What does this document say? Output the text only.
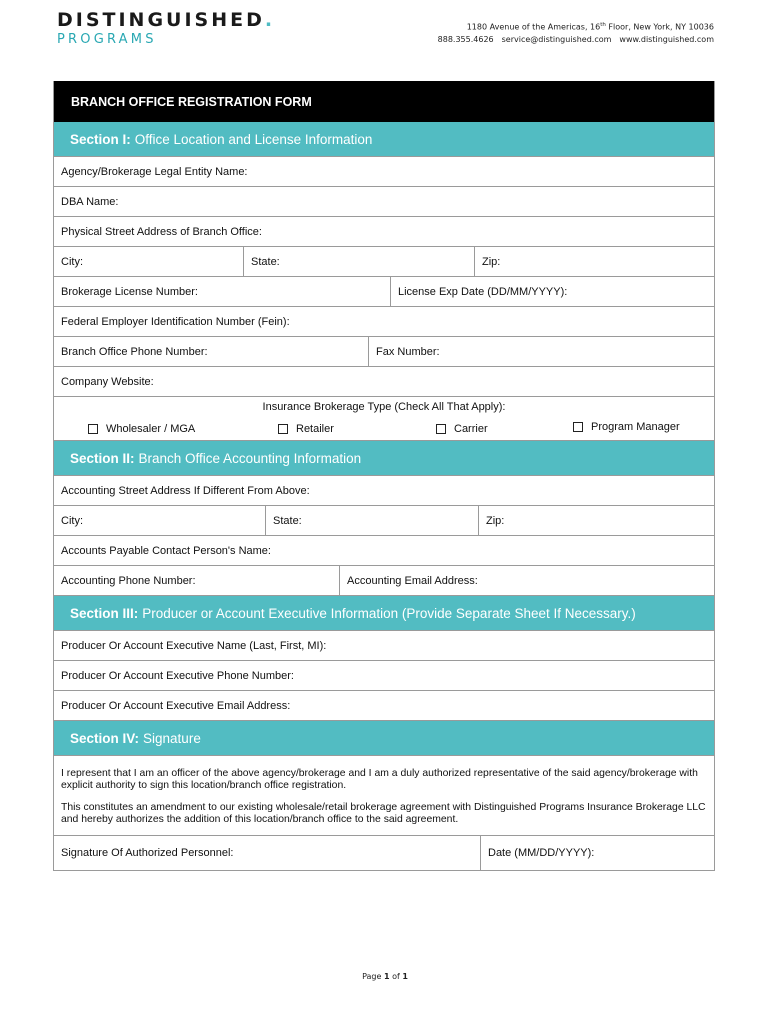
DISTINGUISHED.
PROGRAMS
1180 Avenue of the Americas, 16th Floor, New York, NY 10036
888.355.4626 service@distinguished.com www.distinguished.com
BRANCH OFFICE REGISTRATION FORM
Section I: Office Location and License Information
Agency/Brokerage Legal Entity Name:
DBA Name:
Physical Street Address of Branch Office:
City:	State:	Zip:
Brokerage License Number:	License Exp Date (DD/MM/YYYY):
Federal Employer Identification Number (Fein):
Branch Office Phone Number:	Fax Number:
Company Website:
Insurance Brokerage Type (Check All That Apply):
Wholesaler / MGA	Retailer	Carrier	Program Manager
Section II: Branch Office Accounting Information
Accounting Street Address If Different From Above:
City:	State:	Zip:
Accounts Payable Contact Person's Name:
Accounting Phone Number:	Accounting Email Address:
Section III: Producer or Account Executive Information (Provide Separate Sheet If Necessary.)
Producer Or Account Executive Name (Last, First, MI):
Producer Or Account Executive Phone Number:
Producer Or Account Executive Email Address:
Section IV: Signature

I represent that I am an officer of the above agency/brokerage and I am a duly authorized representative of the said agency/brokerage with explicit authority to sign this location/branch office registration.

This constitutes an amendment to our existing wholesale/retail brokerage agreement with Distinguished Programs Insurance Brokerage LLC and hereby authorizes the addition of this location/branch office to the said agreement.

Signature Of Authorized Personnel:	Date (MM/DD/YYYY):
Page 1 of 1
